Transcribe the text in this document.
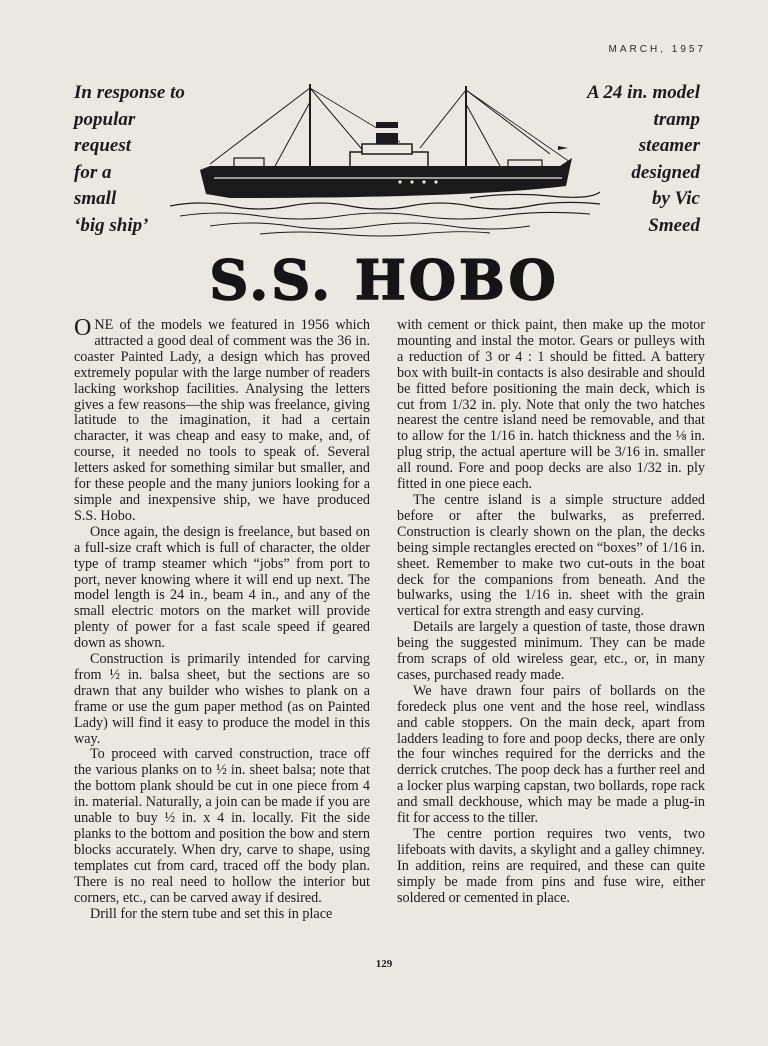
MARCH, 1957
In response to
popular
request
for a
small
‘big ship’
A 24 in. model
tramp
steamer
designed
by Vic
Smeed
S.S. HOBO

ONE of the models we featured in 1956 which attracted a good deal of comment was the 36 in. coaster Painted Lady, a design which has proved extremely popular with the large number of readers lacking workshop facilities. Analysing the letters gives a few reasons—the ship was freelance, giving latitude to the imagination, it had a certain character, it was cheap and easy to make, and, of course, it needed no tools to speak of. Several letters asked for something similar but smaller, and for these people and the many juniors looking for a simple and inexpensive ship, we have produced S.S. Hobo.

Once again, the design is freelance, but based on a full-size craft which is full of character, the older type of tramp steamer which “jobs” from port to port, never knowing where it will end up next. The model length is 24 in., beam 4 in., and any of the small electric motors on the market will provide plenty of power for a fast scale speed if geared down as shown.

Construction is primarily intended for carving from ½ in. balsa sheet, but the sections are so drawn that any builder who wishes to plank on a frame or use the gum paper method (as on Painted Lady) will find it easy to produce the model in this way.

To proceed with carved construction, trace off the various planks on to ½ in. sheet balsa; note that the bottom plank should be cut in one piece from 4 in. material. Naturally, a join can be made if you are unable to buy ½ in. x 4 in. locally. Fit the side planks to the bottom and position the bow and stern blocks accurately. When dry, carve to shape, using templates cut from card, traced off the body plan. There is no real need to hollow the interior but corners, etc., can be carved away if desired.

Drill for the stern tube and set this in place

with cement or thick paint, then make up the motor mounting and instal the motor. Gears or pulleys with a reduction of 3 or 4 : 1 should be fitted. A battery box with built-in contacts is also desirable and should be fitted before positioning the main deck, which is cut from 1/32 in. ply. Note that only the two hatches nearest the centre island need be removable, and that to allow for the 1/16 in. hatch thickness and the ⅛ in. plug strip, the actual aperture will be 3/16 in. smaller all round. Fore and poop decks are also 1/32 in. ply fitted in one piece each.

The centre island is a simple structure added before or after the bulwarks, as preferred. Construction is clearly shown on the plan, the decks being simple rectangles erected on “boxes” of 1/16 in. sheet. Remember to make two cut-outs in the boat deck for the companions from beneath. And the bulwarks, using the 1/16 in. sheet with the grain vertical for extra strength and easy curving.

Details are largely a question of taste, those drawn being the suggested minimum. They can be made from scraps of old wireless gear, etc., or, in many cases, purchased ready made.

We have drawn four pairs of bollards on the foredeck plus one vent and the hose reel, windlass and cable stoppers. On the main deck, apart from ladders leading to fore and poop decks, there are only the four winches required for the derricks and the derrick crutches. The poop deck has a further reel and a locker plus warping capstan, two bollards, rope rack and small deckhouse, which may be made a plug-in fit for access to the tiller.

The centre portion requires two vents, two lifeboats with davits, a skylight and a galley chimney. In addition, reins are required, and these can quite simply be made from pins and fuse wire, either soldered or cemented in place.

129
